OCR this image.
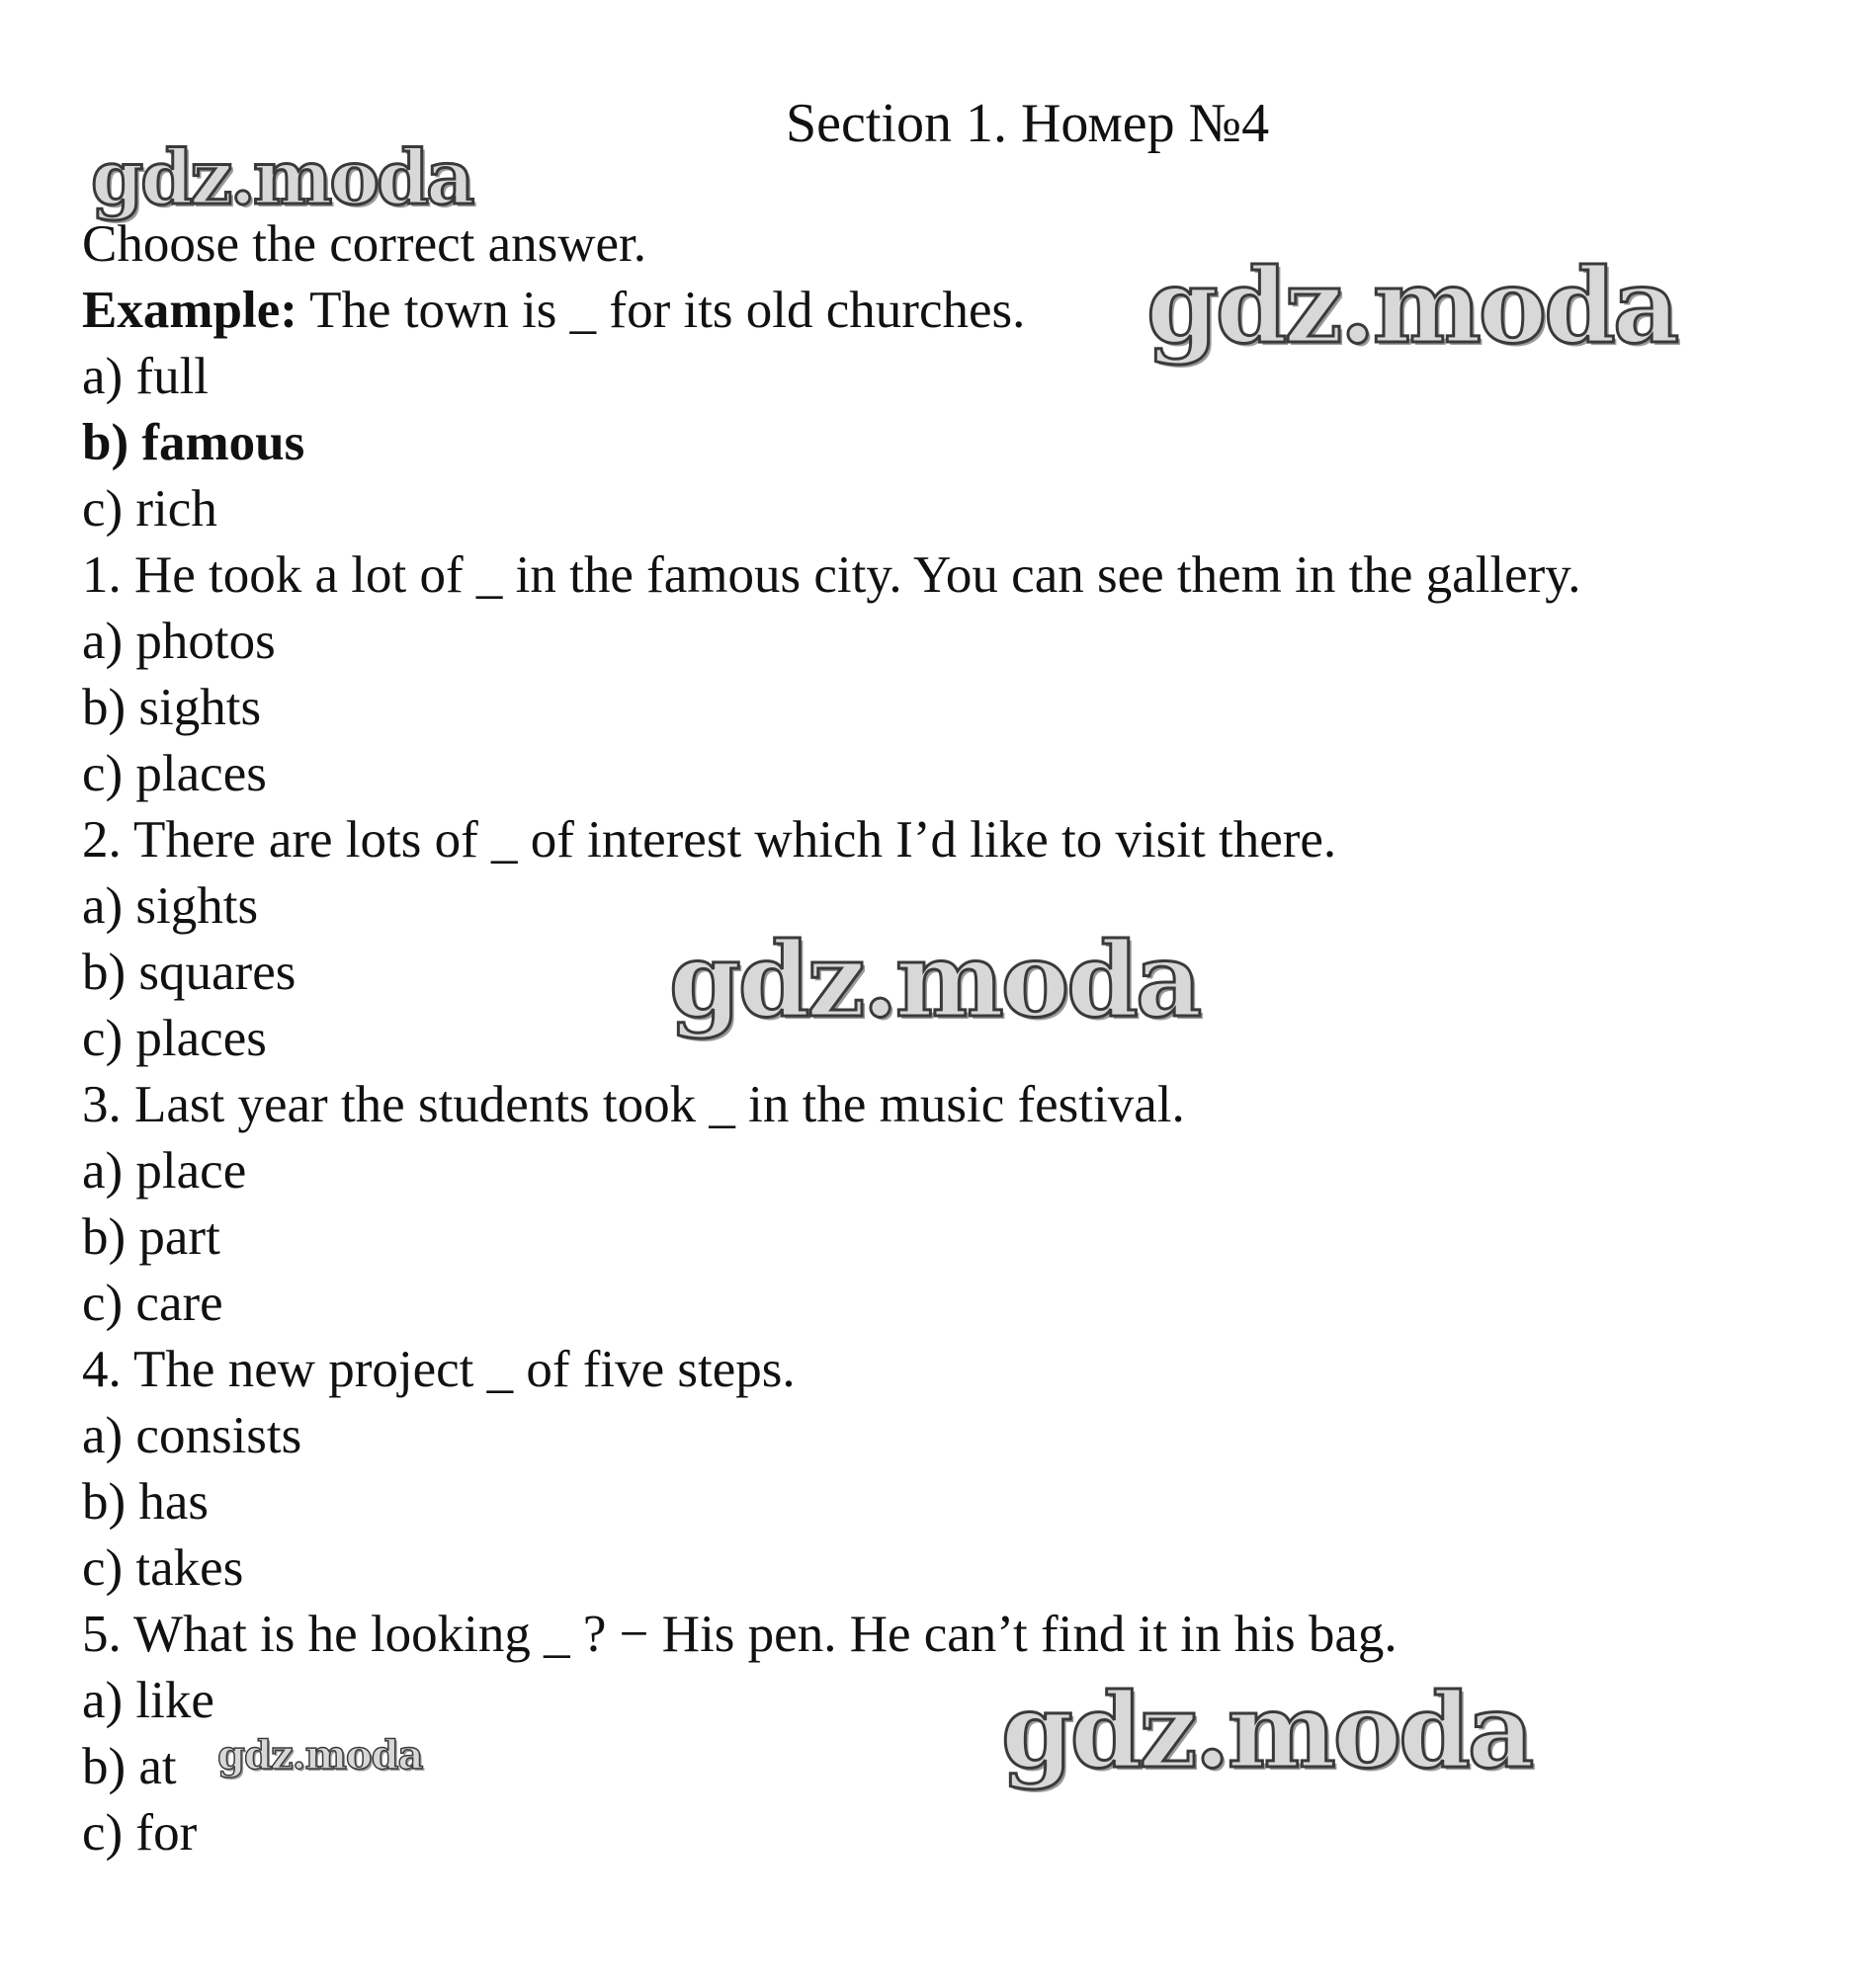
Section 1. Номер №4
Choose the correct answer.
Example: The town is _ for its old churches.
a) full
b) famous
c) rich
1. He took a lot of _ in the famous city. You can see them in the gallery.
a) photos
b) sights
c) places
2. There are lots of _ of interest which I’d like to visit there.
a) sights
b) squares
c) places
3. Last year the students took _ in the music festival.
a) place
b) part
c) care
4. The new project _ of five steps.
a) consists
b) has
c) takes
5. What is he looking _ ? − His pen. He can’t find it in his bag.
a) like
b) at
c) for
gdz.moda
gdz.moda
gdz.moda
gdz.moda
gdz.moda
